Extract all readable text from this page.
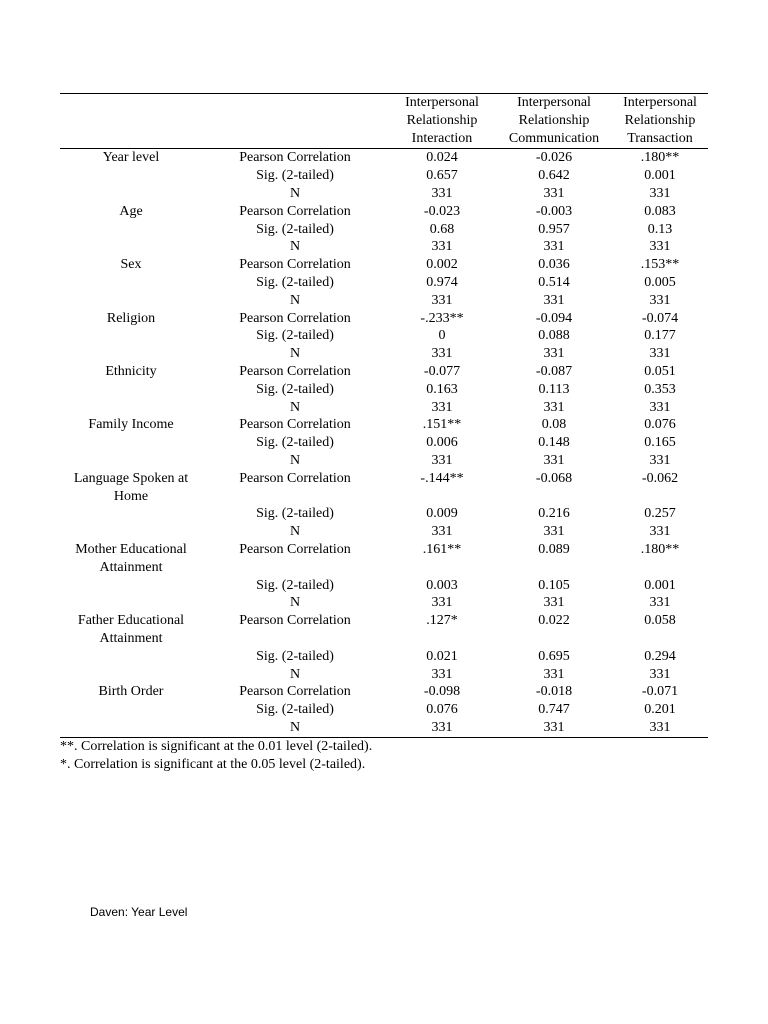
		Interpersonal Relationship Interaction	Interpersonal Relationship Communication	Interpersonal Relationship Transaction

Year level	Pearson Correlation	0.024	-0.026	.180**
	Sig. (2-tailed)	0.657	0.642	0.001
	N	331	331	331
Age	Pearson Correlation	-0.023	-0.003	0.083
	Sig. (2-tailed)	0.68	0.957	0.13
	N	331	331	331
Sex	Pearson Correlation	0.002	0.036	.153**
	Sig. (2-tailed)	0.974	0.514	0.005
	N	331	331	331
Religion	Pearson Correlation	-.233**	-0.094	-0.074
	Sig. (2-tailed)	0	0.088	0.177
	N	331	331	331
Ethnicity	Pearson Correlation	-0.077	-0.087	0.051
	Sig. (2-tailed)	0.163	0.113	0.353
	N	331	331	331
Family Income	Pearson Correlation	.151**	0.08	0.076
	Sig. (2-tailed)	0.006	0.148	0.165
	N	331	331	331
Language Spoken at Home	Pearson Correlation	-.144**	-0.068	-0.062
	Sig. (2-tailed)	0.009	0.216	0.257
	N	331	331	331
Mother Educational Attainment	Pearson Correlation	.161**	0.089	.180**
	Sig. (2-tailed)	0.003	0.105	0.001
	N	331	331	331
Father Educational Attainment	Pearson Correlation	.127*	0.022	0.058
	Sig. (2-tailed)	0.021	0.695	0.294
	N	331	331	331
Birth Order	Pearson Correlation	-0.098	-0.018	-0.071
	Sig. (2-tailed)	0.076	0.747	0.201
	N	331	331	331
**. Correlation is significant at the 0.01 level (2-tailed).
*. Correlation is significant at the 0.05 level (2-tailed).
Daven: Year Level
